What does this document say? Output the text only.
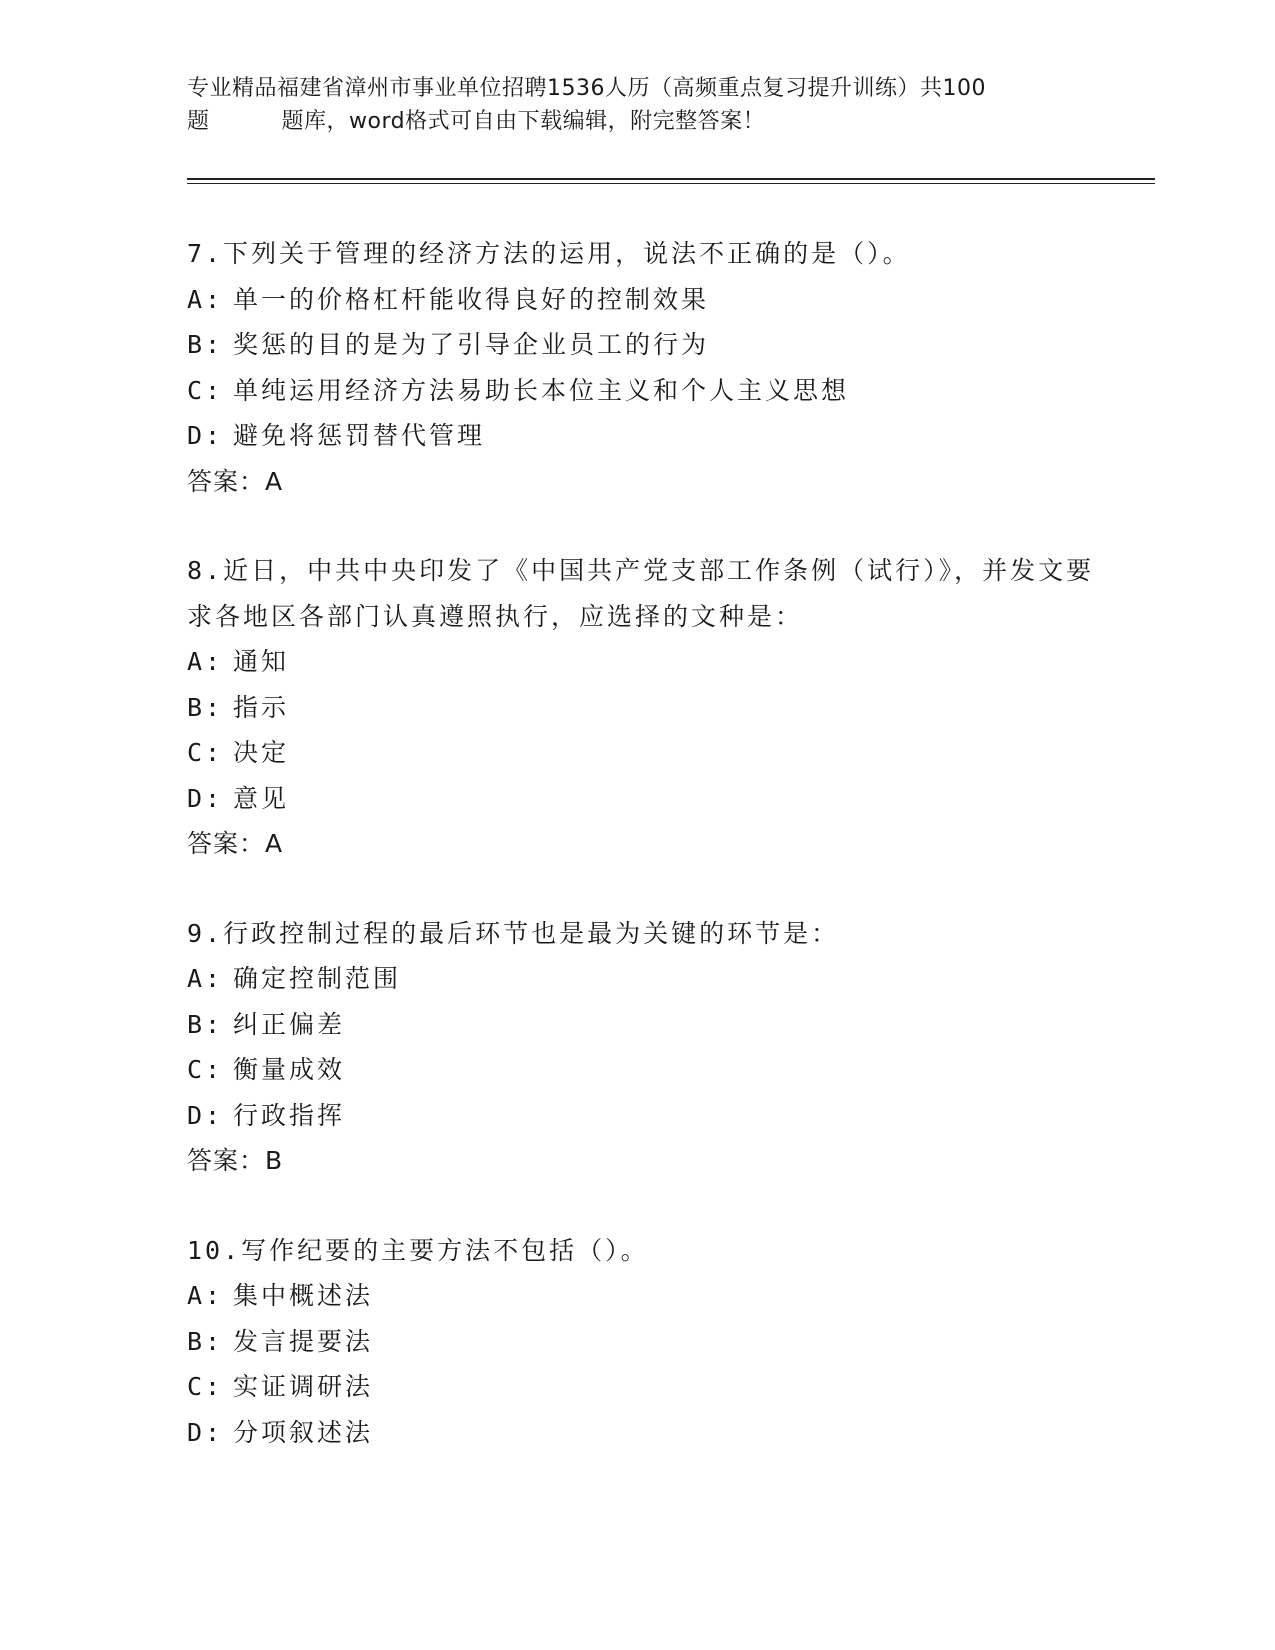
专业精品福建省漳州市事业单位招聘1536人历（高频重点复习提升训练）共100
题	题库，word格式可自由下载编辑，附完整答案！
7.下列关于管理的经济方法的运用，说法不正确的是（）。
A: 单一的价格杠杆能收得良好的控制效果
B: 奖惩的目的是为了引导企业员工的行为
C: 单纯运用经济方法易助长本位主义和个人主义思想
D: 避免将惩罚替代管理
答案：A
8.近日，中共中央印发了《中国共产党支部工作条例（试行）》，并发文要求各地区各部门认真遵照执行，应选择的文种是：
A: 通知
B: 指示
C: 决定
D: 意见
答案：A
9.行政控制过程的最后环节也是最为关键的环节是：
A: 确定控制范围
B: 纠正偏差
C: 衡量成效
D: 行政指挥
答案：B
10.写作纪要的主要方法不包括（）。
A: 集中概述法
B: 发言提要法
C: 实证调研法
D: 分项叙述法
